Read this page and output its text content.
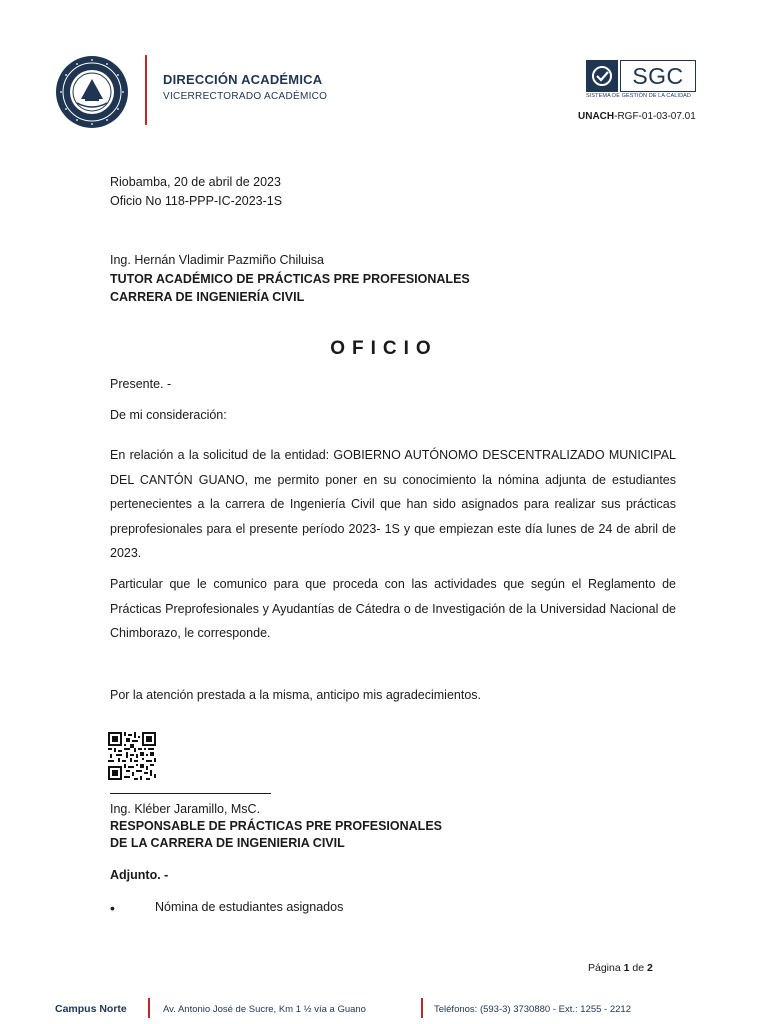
DIRECCIÓN ACADÉMICA
VICERRECTORADO ACADÉMICO
SGC
SISTEMA DE GESTIÓN DE LA CALIDAD
UNACH-RGF-01-03-07.01
Riobamba, 20 de abril de 2023
Oficio No 118-PPP-IC-2023-1S
Ing. Hernán Vladimir Pazmiño Chiluisa
TUTOR ACADÉMICO DE PRÁCTICAS PRE PROFESIONALES
CARRERA DE INGENIERÍA CIVIL
OFICIO
Presente. -
De mi consideración:
En relación a la solicitud de la entidad: GOBIERNO AUTÓNOMO DESCENTRALIZADO MUNICIPAL DEL CANTÓN GUANO, me permito poner en su conocimiento la nómina adjunta de estudiantes pertenecientes a la carrera de Ingeniería Civil que han sido asignados para realizar sus prácticas preprofesionales para el presente período 2023- 1S y que empiezan este día lunes de 24 de abril de 2023.
Particular que le comunico para que proceda con las actividades que según el Reglamento de Prácticas Preprofesionales y Ayudantías de Cátedra o de Investigación de la Universidad Nacional de Chimborazo, le corresponde.
Por la atención prestada a la misma, anticipo mis agradecimientos.
Ing. Kléber Jaramillo, MsC.
RESPONSABLE DE PRÁCTICAS PRE PROFESIONALES
DE LA CARRERA DE INGENIERIA CIVIL
Adjunto. -
•	Nómina de estudiantes asignados
Página 1 de 2
Campus Norte	Av. Antonio José de Sucre, Km 1 ½ vía a Guano	Teléfonos: (593-3) 3730880 - Ext.: 1255 - 2212
